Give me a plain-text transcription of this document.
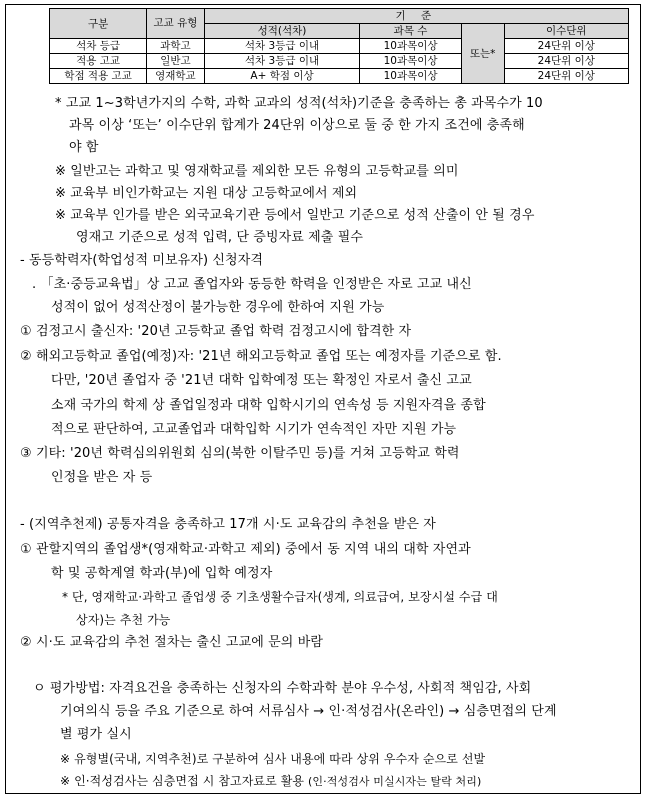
구분	고교 유형	기 준			
		성적(석차)	과목 수	또는*	이수단위
석차 등급	과학고	석차 3등급 이내	10과목이상		24단위 이상
적용 고교	일반고	석차 3등급 이내	10과목이상		24단위 이상
학점 적용 고교	영재학교	A+ 학점 이상	10과목이상		24단위 이상
* 고교 1~3학년가지의 수학, 과학 교과의 성적(석차)기준을 충족하는 총 과목수가 10
과목 이상 ‘또는’ 이수단위 합계가 24단위 이상으로 둘 중 한 가지 조건에 충족해
야 함
※ 일반고는 과학고 및 영재학교를 제외한 모든 유형의 고등학교를 의미
※ 교육부 비인가학교는 지원 대상 고등학교에서 제외
※ 교육부 인가를 받은 외국교육기관 등에서 일반고 기준으로 성적 산출이 안 될 경우
영재고 기준으로 성적 입력, 단 증빙자료 제출 필수
- 동등학력자(학업성적 미보유자) 신청자격
. 「초·중등교육법」상 고교 졸업자와 동등한 학력을 인정받은 자로 고교 내신
성적이 없어 성적산정이 불가능한 경우에 한하여 지원 가능
① 검정고시 출신자: '20년 고등학교 졸업 학력 검정고시에 합격한 자
② 해외고등학교 졸업(예정)자: '21년 해외고등학교 졸업 또는 예정자를 기준으로 함.
다만, '20년 졸업자 중 '21년 대학 입학예정 또는 확정인 자로서 출신 고교
소재 국가의 학제 상 졸업일정과 대학 입학시기의 연속성 등 지원자격을 종합
적으로 판단하여, 고교졸업과 대학입학 시기가 연속적인 자만 지원 가능
③ 기타: '20년 학력심의위원회 심의(북한 이탈주민 등)를 거쳐 고등학교 학력
인정을 받은 자 등
- (지역추천제) 공통자격을 충족하고 17개 시·도 교육감의 추천을 받은 자
① 관할지역의 졸업생*(영재학교·과학고 제외) 중에서 동 지역 내의 대학 자연과
학 및 공학계열 학과(부)에 입학 예정자
* 단, 영재학교·과학고 졸업생 중 기초생활수급자(생계, 의료급여, 보장시설 수급 대
상자)는 추천 가능
② 시·도 교육감의 추천 절차는 출신 고교에 문의 바람
ㅇ 평가방법: 자격요건을 충족하는 신청자의 수학과학 분야 우수성, 사회적 책임감, 사회
기여의식 등을 주요 기준으로 하여 서류심사 → 인·적성검사(온라인) → 심층면접의 단계
별 평가 실시
※ 유형별(국내, 지역추천)로 구분하여 심사 내용에 따라 상위 우수자 순으로 선발
※ 인·적성검사는 심층면접 시 참고자료로 활용 (인·적성검사 미실시자는 탈락 처리)
